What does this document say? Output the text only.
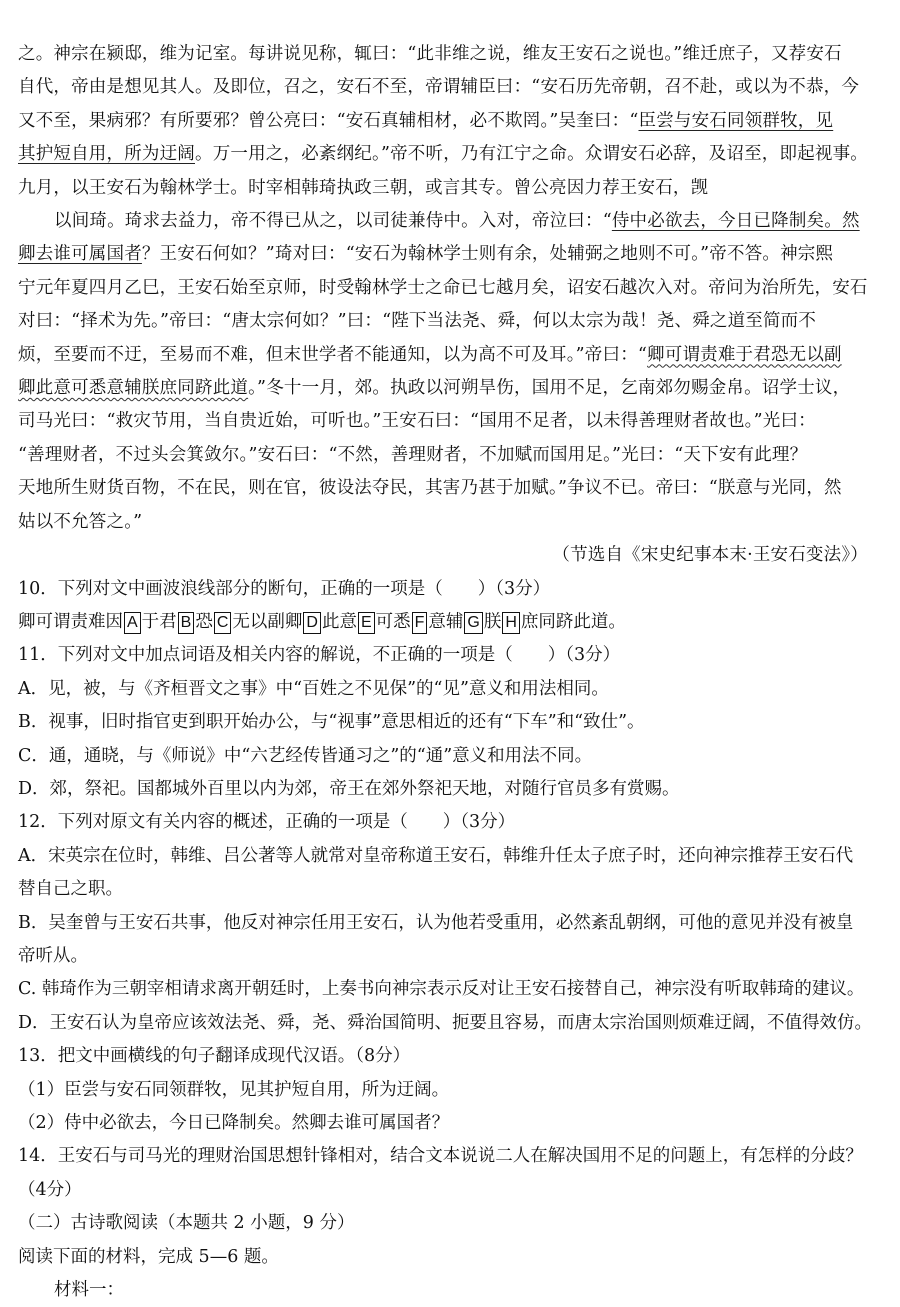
之。神宗在颍邸，维为记室。每讲说见称，辄曰：“此非维之说，维友王安石之说也。”维迁庶子，又荐安石
自代，帝由是想见其人。及即位，召之，安石不至，帝谓辅臣曰：“安石历先帝朝，召不赴，或以为不恭，今
又不至，果病邪？有所要邪？曾公亮曰：“安石真辅相材，必不欺罔。”吴奎曰：“臣尝与安石同领群牧，见
其护短自用，所为迂阔。万一用之，必紊纲纪。”帝不听，乃有江宁之命。众谓安石必辞，及诏至，即起视事。
九月，以王安石为翰林学士。时宰相韩琦执政三朝，或言其专。曾公亮因力荐王安石，觊
以间琦。琦求去益力，帝不得已从之，以司徒兼侍中。入对，帝泣曰：“侍中必欲去，今日已降制矣。然
卿去谁可属国者？王安石何如？”琦对曰：“安石为翰林学士则有余，处辅弼之地则不可。”帝不答。神宗熙
宁元年夏四月乙巳，王安石始至京师，时受翰林学士之命已七越月矣，诏安石越次入对。帝问为治所先，安石
对曰：“择术为先。”帝曰：“唐太宗何如？”曰：“陛下当法尧、舜，何以太宗为哉！尧、舜之道至简而不
烦，至要而不迂，至易而不难，但末世学者不能通知，以为高不可及耳。”帝曰：“卿可谓责难于君恐无以副
卿此意可悉意辅朕庶同跻此道。”冬十一月，郊。执政以河朔旱伤，国用不足，乞南郊勿赐金帛。诏学士议，
司马光曰：“救灾节用，当自贵近始，可听也。”王安石曰：“国用不足者，以未得善理财者故也。”光曰：
“善理财者，不过头会箕敛尔。”安石曰：“不然，善理财者，不加赋而国用足。”光曰：“天下安有此理？
天地所生财货百物，不在民，则在官，彼设法夺民，其害乃甚于加赋。”争议不已。帝曰：“朕意与光同，然
姑以不允答之。”
（节选自《宋史纪事本末·王安石变法》）
10．下列对文中画波浪线部分的断句，正确的一项是（　　）（3分）
卿可谓责难因 A 于君 B 恐 C 无以副卿 D 此意 E 可悉 F 意辅 G 朕 H 庶同跻此道。
11．下列对文中加点词语及相关内容的解说，不正确的一项是（　　）（3分）
A．见，被，与《齐桓晋文之事》中“百姓之不见保”的“见”意义和用法相同。
B．视事，旧时指官吏到职开始办公，与“视事”意思相近的还有“下车”和“致仕”。
C．通，通晓，与《师说》中“六艺经传皆通习之”的“通”意义和用法不同。
D．郊，祭祀。国都城外百里以内为郊，帝王在郊外祭祀天地，对随行官员多有赏赐。
12．下列对原文有关内容的概述，正确的一项是（　　）（3分）
A．宋英宗在位时，韩维、吕公著等人就常对皇帝称道王安石，韩维升任太子庶子时，还向神宗推荐王安石代
替自己之职。
B．吴奎曾与王安石共事，他反对神宗任用王安石，认为他若受重用，必然紊乱朝纲，可他的意见并没有被皇
帝听从。
C. 韩琦作为三朝宰相请求离开朝廷时，上奏书向神宗表示反对让王安石接替自己，神宗没有听取韩琦的建议。
D．王安石认为皇帝应该效法尧、舜，尧、舜治国简明、扼要且容易，而唐太宗治国则烦难迂阔，不值得效仿。
13．把文中画横线的句子翻译成现代汉语。（8分）
（1）臣尝与安石同领群牧，见其护短自用，所为迂阔。
（2）侍中必欲去，今日已降制矣。然卿去谁可属国者？
14．王安石与司马光的理财治国思想针锋相对，结合文本说说二人在解决国用不足的问题上，有怎样的分歧？
（4分）
（二）古诗歌阅读（本题共 2 小题，9 分）
阅读下面的材料，完成 5—6 题。
材料一：
